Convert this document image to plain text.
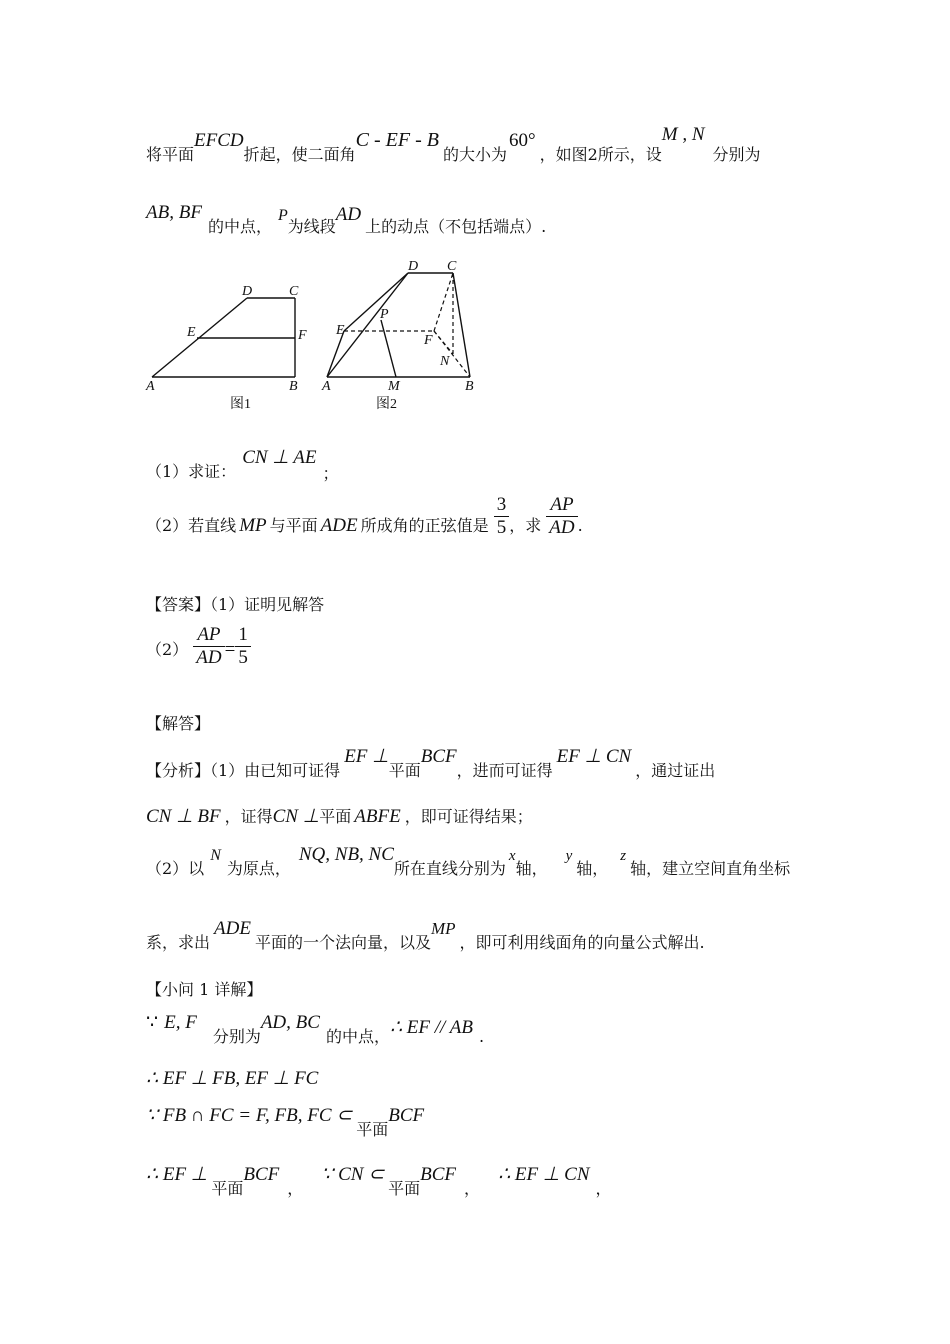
将平面EFCD折起，使二面角C - EF - B的大小为60°，如图2所示，设M , N分别为
AB, BF的中点，P为线段AD上的动点（不包括端点）.
D	C
E	F
A	B
图1
D C
E
P
F
N
A	M	B
图2
（1）求证：CN ⊥ AE；
（2）若直线 MP 与平面 ADE 所成角的正弦值是 $\frac{3}{5}$ ，求 $\frac{AP}{AD}$ .
【答案】（1）证明见解答
$(2) \frac{AP}{AD} = \frac{1}{5}$
【解答】
【分析】（1）由已知可证得EF ⊥平面BCF，进而可证得EF ⊥ CN，通过证出
CN ⊥ BF ，证得CN ⊥平面 ABFE ，即可证得结果；
（2）以N为原点，NQ, NB, NC所在直线分别为x轴，y轴，z轴，建立空间直角坐标
系，求出ADE平面的一个法向量，以及MP，即可利用线面角的向量公式解出.
【小问 1 详解】
∵ E, F分别为AD, BC的中点，∴ EF // AB .
∴ EF ⊥ FB, EF ⊥ FC
∵ FB ∩ FC = F, FB, FC ⊂平面BCF
∴ EF ⊥平面BCF，∵ CN ⊂平面BCF，∴ EF ⊥ CN，
